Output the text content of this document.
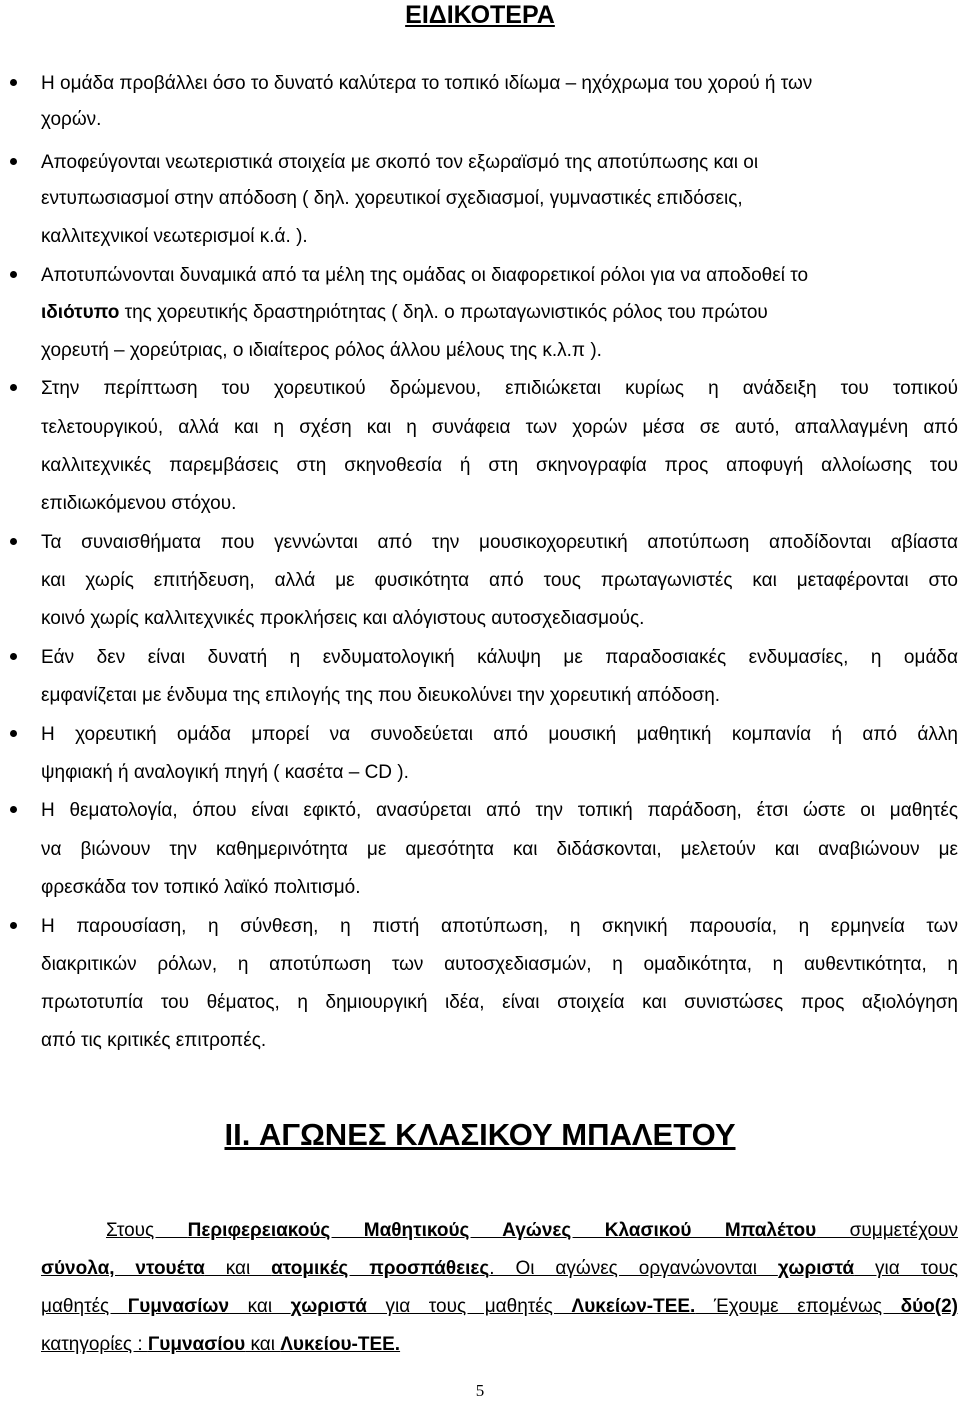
ΕΙΔΙΚΟΤΕΡΑ
Η ομάδα προβάλλει όσο το δυνατό καλύτερα το τοπικό ιδίωμα – ηχόχρωμα του χορού ή των
χορών.
Αποφεύγονται νεωτεριστικά στοιχεία με σκοπό τον εξωραϊσμό της αποτύπωσης και οι
εντυπωσιασμοί στην απόδοση ( δηλ. χορευτικοί σχεδιασμοί, γυμναστικές επιδόσεις,
καλλιτεχνικοί νεωτερισμοί κ.ά. ).
Αποτυπώνονται δυναμικά από τα μέλη της ομάδας οι διαφορετικοί ρόλοι για να αποδοθεί το
ιδιότυπο της χορευτικής δραστηριότητας ( δηλ. ο πρωταγωνιστικός ρόλος του πρώτου
χορευτή – χορεύτριας, ο ιδιαίτερος ρόλος άλλου μέλους της κ.λ.π ).
Στην περίπτωση του χορευτικού δρώμενου, επιδιώκεται κυρίως η ανάδειξη του τοπικού
τελετουργικού, αλλά και η σχέση και η συνάφεια των χορών μέσα σε αυτό, απαλλαγμένη από
καλλιτεχνικές παρεμβάσεις στη σκηνοθεσία ή στη σκηνογραφία προς αποφυγή αλλοίωσης του
επιδιωκόμενου στόχου.
Τα συναισθήματα που γεννώνται από την μουσικοχορευτική αποτύπωση αποδίδονται αβίαστα
και χωρίς επιτήδευση, αλλά με φυσικότητα από τους πρωταγωνιστές και μεταφέρονται στο
κοινό χωρίς καλλιτεχνικές προκλήσεις και αλόγιστους αυτοσχεδιασμούς.
Εάν δεν είναι δυνατή η ενδυματολογική κάλυψη με παραδοσιακές ενδυμασίες, η ομάδα
εμφανίζεται με ένδυμα της επιλογής της που διευκολύνει την χορευτική απόδοση.
Η χορευτική ομάδα μπορεί να συνοδεύεται από μουσική μαθητική κομπανία ή από άλλη
ψηφιακή ή αναλογική πηγή ( κασέτα – CD ).
Η θεματολογία, όπου είναι εφικτό, ανασύρεται από την τοπική παράδοση, έτσι ώστε οι μαθητές
να βιώνουν την καθημερινότητα με αμεσότητα και διδάσκονται, μελετούν και αναβιώνουν με
φρεσκάδα τον τοπικό λαϊκό πολιτισμό.
Η παρουσίαση, η σύνθεση, η πιστή αποτύπωση, η σκηνική παρουσία, η ερμηνεία των
διακριτικών ρόλων, η αποτύπωση των αυτοσχεδιασμών, η ομαδικότητα, η αυθεντικότητα, η
πρωτοτυπία του θέματος, η δημιουργική ιδέα, είναι στοιχεία και συνιστώσες προς αξιολόγηση
από τις κριτικές επιτροπές.
II. ΑΓΩΝΕΣ ΚΛΑΣΙΚΟΥ ΜΠΑΛΕΤΟΥ
Στους Περιφερειακούς Μαθητικούς Αγώνες Κλασικού Μπαλέτου συμμετέχουν
σύνολα, ντουέτα και ατομικές προσπάθειες. Οι αγώνες οργανώνονται χωριστά για τους
μαθητές Γυμνασίων και χωριστά για τους μαθητές Λυκείων-ΤΕΕ. Έχουμε επομένως δύο(2)
κατηγορίες : Γυμνασίου και Λυκείου-ΤΕΕ.
5
